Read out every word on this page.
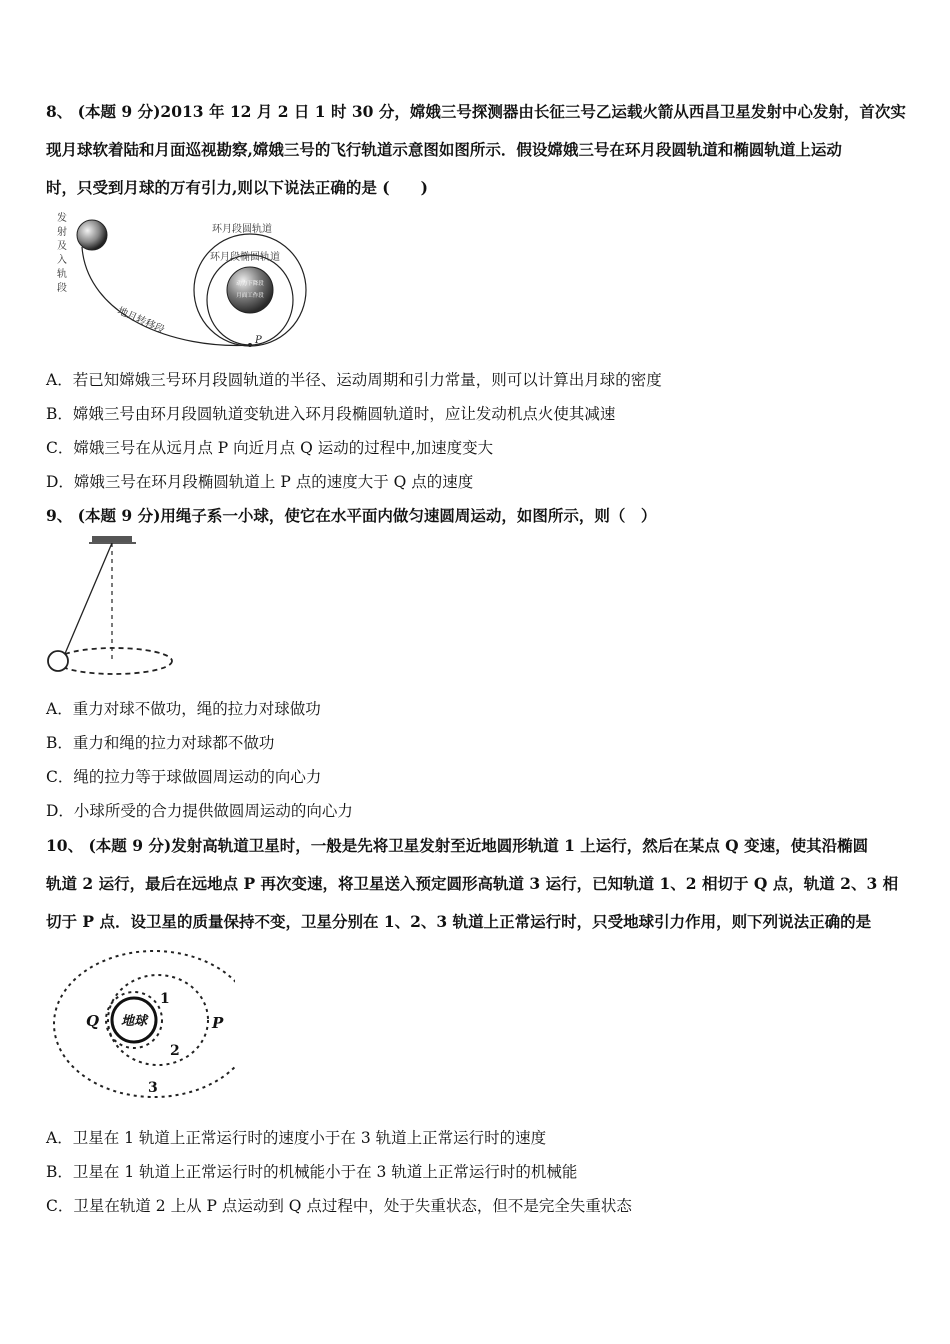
8、 (本题 9 分)2013 年 12 月 2 日 1 时 30 分，嫦娥三号探测器由长征三号乙运载火箭从西昌卫星发射中心发射，首次实
现月球软着陆和月面巡视勘察,嫦娥三号的飞行轨道示意图如图所示．假设嫦娥三号在环月段圆轨道和椭圆轨道上运动
时，只受到月球的万有引力,则以下说法正确的是 (　　)
发
射
及
入
轨
段
地月转移段
环月段圆轨道
环月段椭圆轨道
动力下降段
月面工作段
P
A．若已知嫦娥三号环月段圆轨道的半径、运动周期和引力常量，则可以计算出月球的密度
B．嫦娥三号由环月段圆轨道变轨进入环月段椭圆轨道时，应让发动机点火使其减速
C．嫦娥三号在从远月点 P 向近月点 Q 运动的过程中,加速度变大
D．嫦娥三号在环月段椭圆轨道上 P 点的速度大于 Q 点的速度
9、 (本题 9 分)用绳子系一小球，使它在水平面内做匀速圆周运动，如图所示，则（　）
A．重力对球不做功，绳的拉力对球做功
B．重力和绳的拉力对球都不做功
C．绳的拉力等于球做圆周运动的向心力
D．小球所受的合力提供做圆周运动的向心力
10、 (本题 9 分)发射高轨道卫星时，一般是先将卫星发射至近地圆形轨道 1 上运行，然后在某点 Q 变速，使其沿椭圆
轨道 2 运行，最后在远地点 P 再次变速，将卫星送入预定圆形高轨道 3 运行，已知轨道 1、2 相切于 Q 点，轨道 2、3 相
切于 P 点．设卫星的质量保持不变，卫星分别在 1、2、3 轨道上正常运行时，只受地球引力作用，则下列说法正确的是
地球
Q	P
1
2
3
A．卫星在 1 轨道上正常运行时的速度小于在 3 轨道上正常运行时的速度
B．卫星在 1 轨道上正常运行时的机械能小于在 3 轨道上正常运行时的机械能
C．卫星在轨道 2 上从 P 点运动到 Q 点过程中，处于失重状态，但不是完全失重状态
